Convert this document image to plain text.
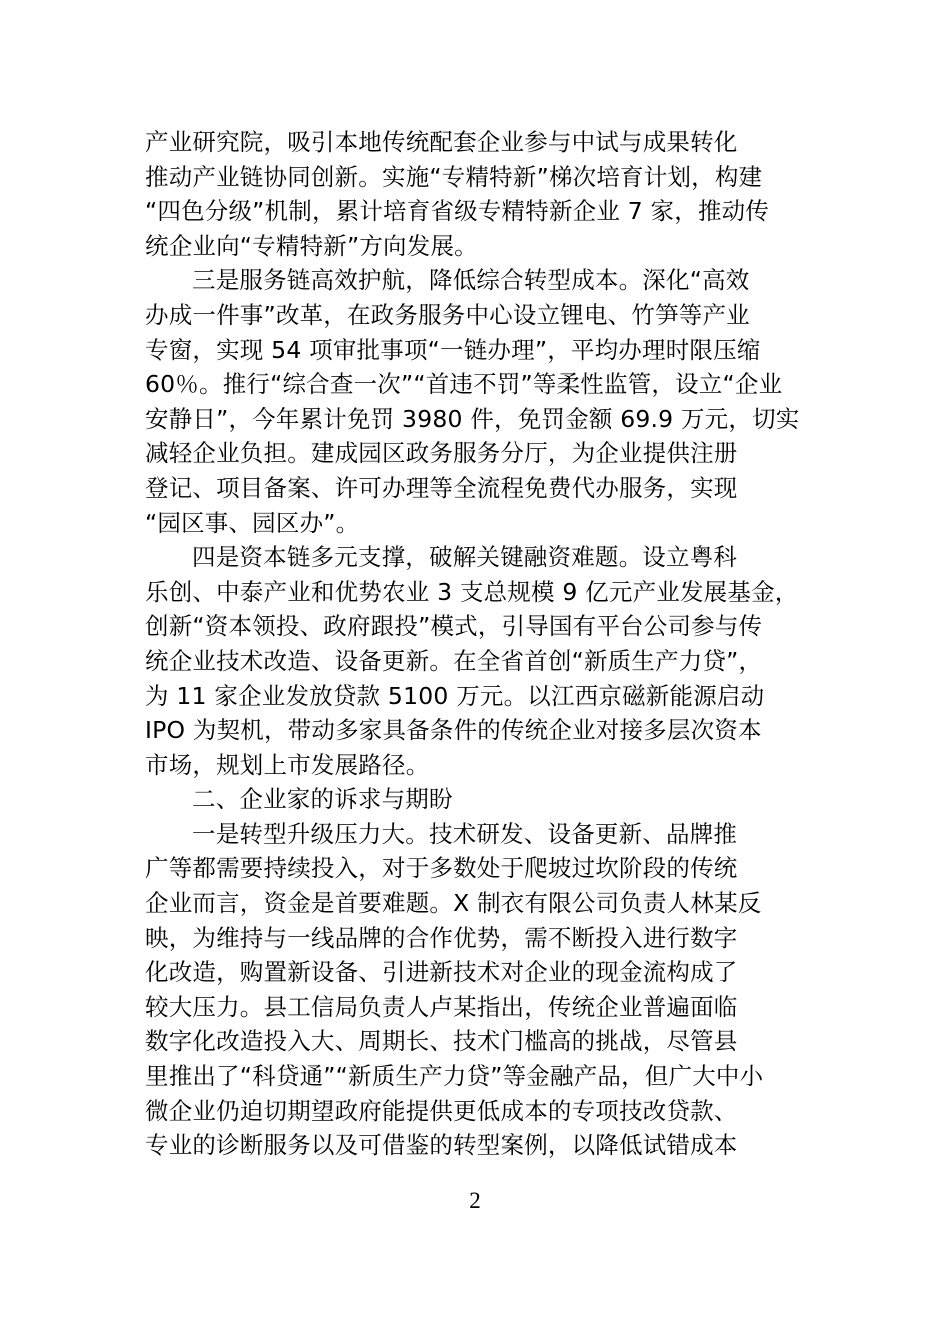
产业研究院，吸引本地传统配套企业参与中试与成果转化
推动产业链协同创新。实施“专精特新”梯次培育计划，构建
“四色分级”机制，累计培育省级专精特新企业 7 家，推动传
统企业向“专精特新”方向发展。
三是服务链高效护航，降低综合转型成本。深化“高效
办成一件事”改革，在政务服务中心设立锂电、竹笋等产业
专窗，实现 54 项审批事项“一链办理”，平均办理时限压缩
60％。推行“综合查一次”“首违不罚”等柔性监管，设立“企业
安静日”，今年累计免罚 3980 件，免罚金额 69.9 万元，切实
减轻企业负担。建成园区政务服务分厅，为企业提供注册
登记、项目备案、许可办理等全流程免费代办服务，实现
“园区事、园区办”。
四是资本链多元支撑，破解关键融资难题。设立粤科
乐创、中泰产业和优势农业 3 支总规模 9 亿元产业发展基金，
创新“资本领投、政府跟投”模式，引导国有平台公司参与传
统企业技术改造、设备更新。在全省首创“新质生产力贷”，
为 11 家企业发放贷款 5100 万元。以江西京磁新能源启动
IPO 为契机，带动多家具备条件的传统企业对接多层次资本
市场，规划上市发展路径。
二、企业家的诉求与期盼
一是转型升级压力大。技术研发、设备更新、品牌推
广等都需要持续投入，对于多数处于爬坡过坎阶段的传统
企业而言，资金是首要难题。X 制衣有限公司负责人林某反
映，为维持与一线品牌的合作优势，需不断投入进行数字
化改造，购置新设备、引进新技术对企业的现金流构成了
较大压力。县工信局负责人卢某指出，传统企业普遍面临
数字化改造投入大、周期长、技术门槛高的挑战，尽管县
里推出了“科贷通”“新质生产力贷”等金融产品，但广大中小
微企业仍迫切期望政府能提供更低成本的专项技改贷款、
专业的诊断服务以及可借鉴的转型案例，以降低试错成本
2
